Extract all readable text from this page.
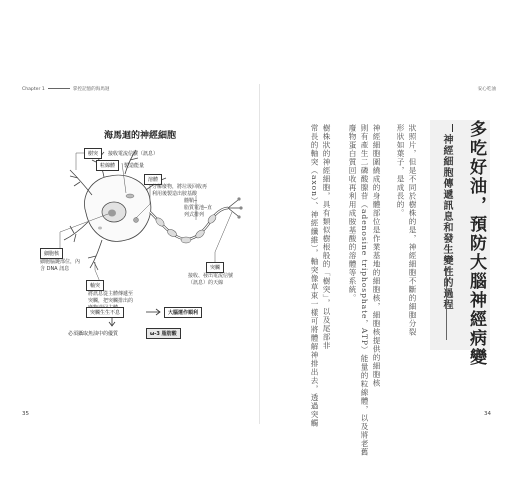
Chapter 1	掌控記憶的海馬迴	安心吃油
35	34
海馬迴的神經細胞
樹突	接收電流信號（訊息）
粒線體	製造能量
溶體
分解廢物，將垃圾回收再
利用後製造出胺基酸
髓鞘─
脂質電池─直
列式排列
細胞核
細胞腦鏈部位，內
含 DNA 訊息
軸突
將訊息從主體傳遞至
突觸，把突觸排出的
突觸
接收、發出電流信號
（訊息）的天線
突觸生生不息	大腦運作順利
必須攝取魚油中的優質	ω-3 脂肪酸	多吃好油，預防大腦神經病變
神經細胞傳遞訊息和發生變性的過程
狀照片，但是不同於樹株的是，神經細胞不斷的細胞分裂
形狀如葉子，是成長的。
神經細胞圍繞成的身體部位是作業基地的細胞核，細胞核提供的細胞核
則有產生二磷酸腺苷（adenosine triphosphate，ATP）能量的粒線體，以及將老舊
廢物蛋白質回收再利用成胺基酸的溶體等系統。
樹株狀的神經細胞，具有類似樹根般的「樹突」，以及尾部非
常長的軸突（axon）、神經纖維），軸突像草束一樣可將體解神排出去，透過突觸
